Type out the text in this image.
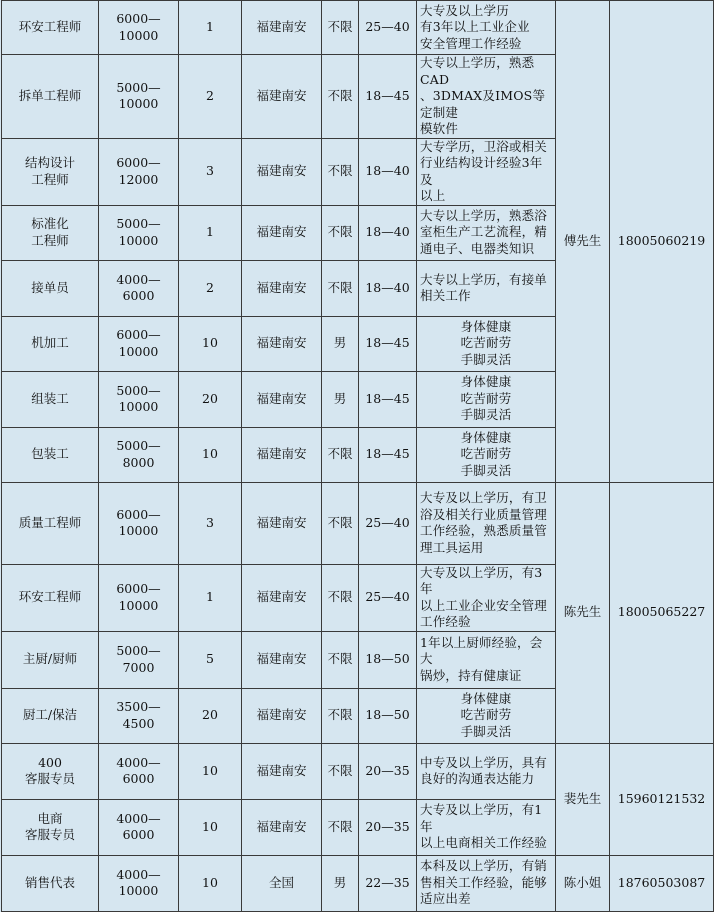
环安工程师	6000—10000	1	福建南安	不限	25—40	大专及以上学历
有3年以上工业企业
安全管理工作经验	傅先生	18005060219
拆单工程师	5000—10000	2	福建南安	不限	18—45	大专以上学历，熟悉CAD
、3DMAX及IMOS等定制建
模软件		
结构设计
工程师	6000—12000	3	福建南安	不限	18—40	大专学历，卫浴或相关
行业结构设计经验3年及
以上		
标准化
工程师	5000—10000	1	福建南安	不限	18—40	大专以上学历，熟悉浴
室柜生产工艺流程，精
通电子、电器类知识		
接单员	4000—6000	2	福建南安	不限	18—40	大专以上学历，有接单
相关工作		
机加工	6000—10000	10	福建南安	男	18—45	身体健康
吃苦耐劳
手脚灵活		
组装工	5000—10000	20	福建南安	男	18—45	身体健康
吃苦耐劳
手脚灵活		
包装工	5000—8000	10	福建南安	不限	18—45	身体健康
吃苦耐劳
手脚灵活		
质量工程师	6000—10000	3	福建南安	不限	25—40	大专及以上学历，有卫
浴及相关行业质量管理
工作经验，熟悉质量管
理工具运用	陈先生	18005065227
环安工程师	6000—10000	1	福建南安	不限	25—40	大专及以上学历，有3年
以上工业企业安全管理
工作经验		
主厨/厨师	5000—7000	5	福建南安	不限	18—50	1年以上厨师经验，会大
锅炒，持有健康证		
厨工/保洁	3500—4500	20	福建南安	不限	18—50	身体健康
吃苦耐劳
手脚灵活		
400
客服专员	4000—6000	10	福建南安	不限	20—35	中专及以上学历，具有
良好的沟通表达能力	裴先生	15960121532
电商
客服专员	4000—6000	10	福建南安	不限	20—35	大专及以上学历，有1年
以上电商相关工作经验		
销售代表	4000—10000	10	全国	男	22—35	本科及以上学历，有销
售相关工作经验，能够
适应出差	陈小姐	18760503087
